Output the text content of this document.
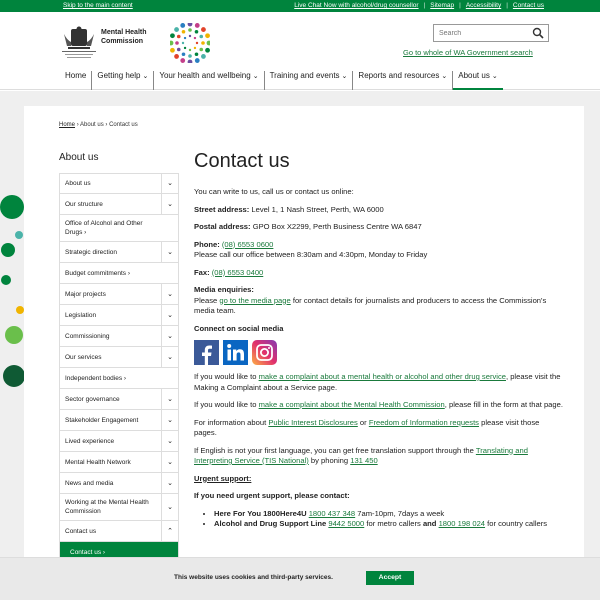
Skip to the main content	Live Chat Now with alcohol/drug counsellor | Sitemap | Accessibility | Contact us
Mental Health
Commission
Search
Go to whole of WA Government search
Home	Getting help ⌄	Your health and wellbeing ⌄	Training and events ⌄	Reports and resources ⌄	About us ⌄
Home › About us › Contact us
About us
About us	⌄
Our structure	⌄
Office of Alcohol and Other Drugs ›
Strategic direction	⌄
Budget commitments ›
Major projects	⌄
Legislation	⌄
Commissioning	⌄
Our services	⌄
Independent bodies ›
Sector governance	⌄
Stakeholder Engagement	⌄
Lived experience	⌄
Mental Health Network	⌄
News and media	⌄
Working at the Mental Health Commission
⌄
Contact us	⌃
Contact us ›
Contact us

You can write to us, call us or contact us online:

Street address: Level 1, 1 Nash Street, Perth, WA 6000

Postal address: GPO Box X2299, Perth Business Centre WA 6847

Phone: (08) 6553 0600
Please call our office between 8:30am and 4:30pm, Monday to Friday

Fax: (08) 6553 0400

Media enquiries:
Please go to the media page for contact details for journalists and producers to access the Commission's media team.

Connect on social media

If you would like to make a complaint about a mental health or alcohol and other drug service, please visit the Making a Complaint about a Service page.

If you would like to make a complaint about the Mental Health Commission, please fill in the form at that page.

For information about Public Interest Disclosures or Freedom of Information requests please visit those pages.

If English is not your first language, you can get free translation support through the Translating and Interpreting Service (TIS National) by phoning 131 450

Urgent support:

If you need urgent support, please contact:

• Here For You 1800Here4U 1800 437 348 7am-10pm, 7days a week
• Alcohol and Drug Support Line 9442 5000 for metro callers and 1800 198 024 for country callers
This website uses cookies and third-party services.	Accept
